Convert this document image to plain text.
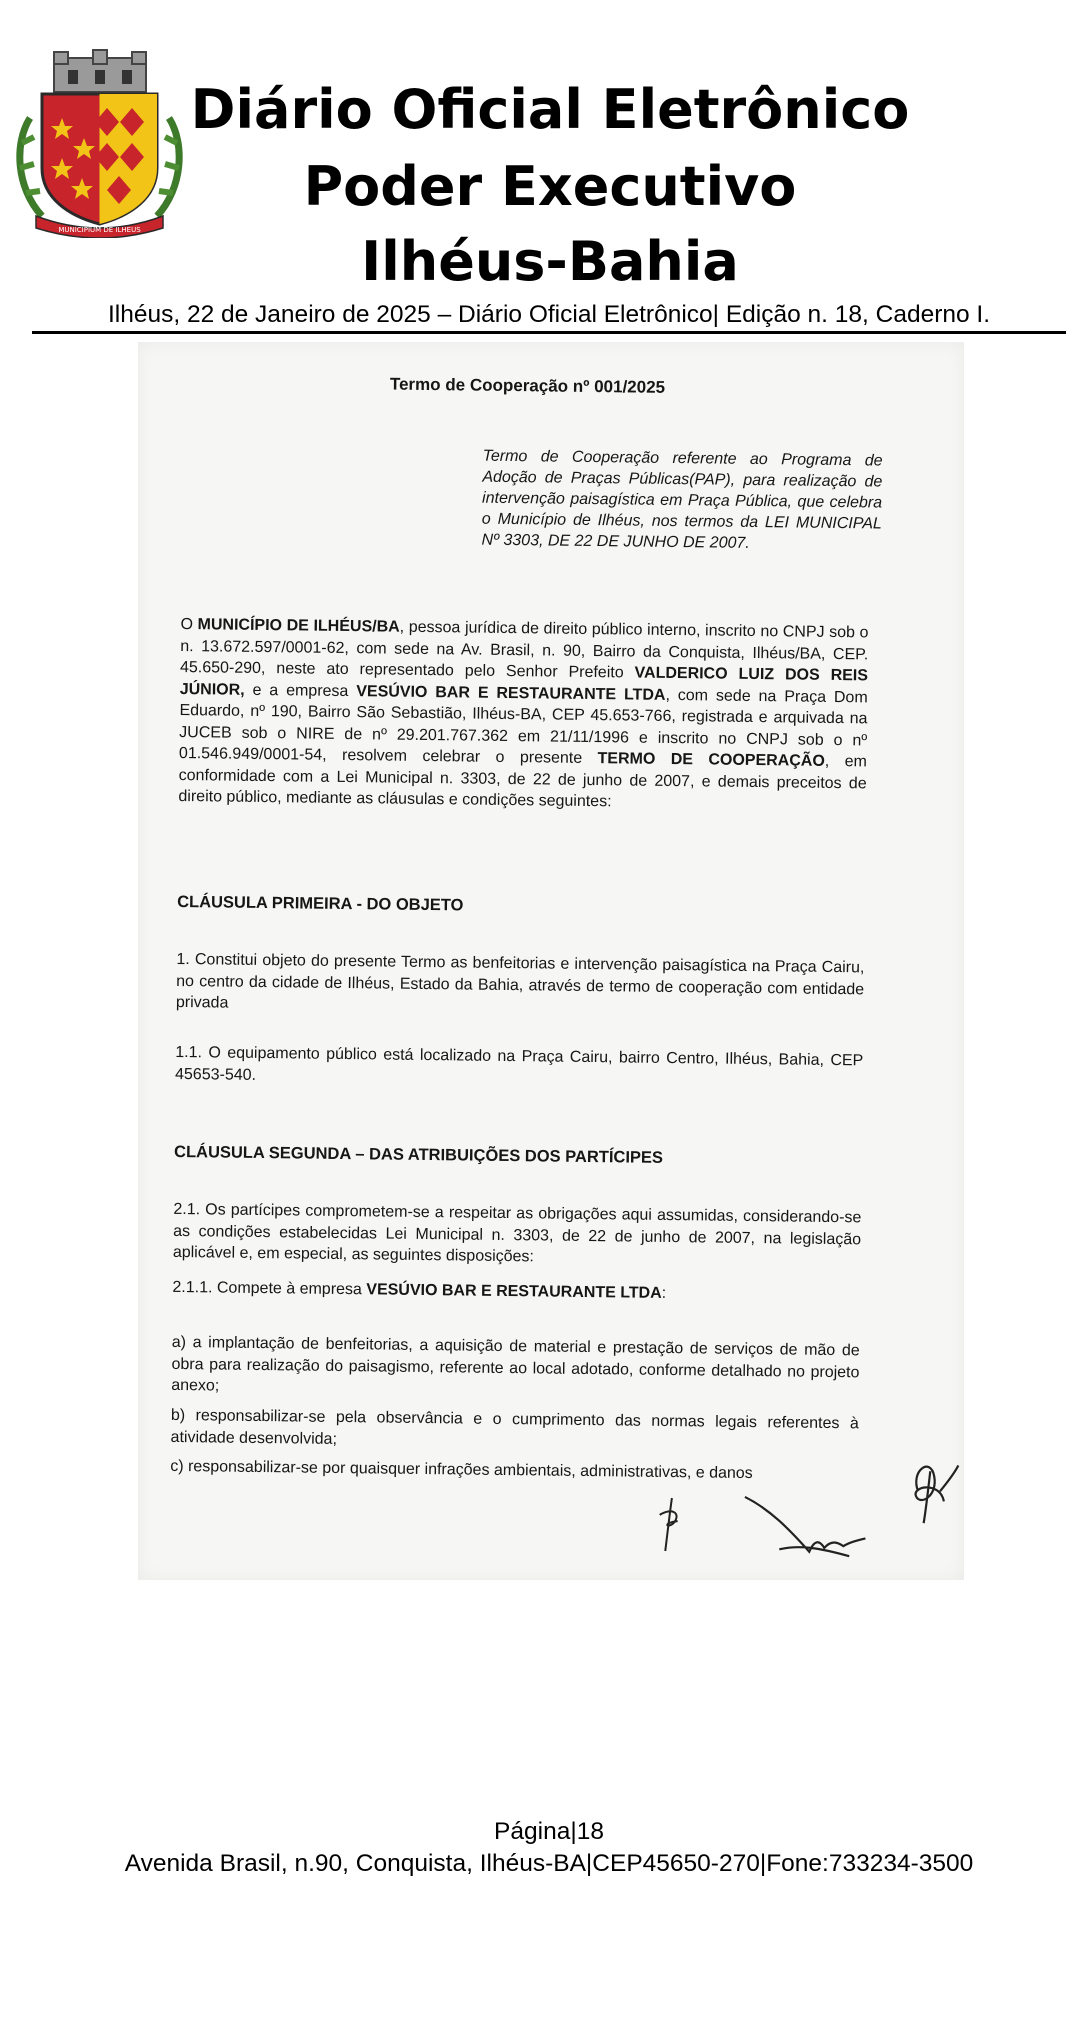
MUNICIPIUM DE ILHEUS
Diário Oficial Eletrônico
Poder Executivo
Ilhéus-Bahia
Ilhéus, 22 de Janeiro de 2025 – Diário Oficial Eletrônico| Edição n. 18, Caderno I.
Termo de Cooperação nº 001/2025
Termo de Cooperação referente ao Programa de Adoção de Praças Públicas(PAP), para realização de intervenção paisagística em Praça Pública, que celebra o Município de Ilhéus, nos termos da LEI MUNICIPAL Nº 3303, DE 22 DE JUNHO DE 2007.
O MUNICÍPIO DE ILHÉUS/BA, pessoa jurídica de direito público interno, inscrito no CNPJ sob o n. 13.672.597/0001-62, com sede na Av. Brasil, n. 90, Bairro da Conquista, Ilhéus/BA, CEP. 45.650-290, neste ato representado pelo Senhor Prefeito VALDERICO LUIZ DOS REIS JÚNIOR, e a empresa VESÚVIO BAR E RESTAURANTE LTDA, com sede na Praça Dom Eduardo, nº 190, Bairro São Sebastião, Ilhéus-BA, CEP 45.653-766, registrada e arquivada na JUCEB sob o NIRE de nº 29.201.767.362 em 21/11/1996 e inscrito no CNPJ sob o nº 01.546.949/0001-54, resolvem celebrar o presente TERMO DE COOPERAÇÃO, em conformidade com a Lei Municipal n. 3303, de 22 de junho de 2007, e demais preceitos de direito público, mediante as cláusulas e condições seguintes:
CLÁUSULA PRIMEIRA - DO OBJETO
1. Constitui objeto do presente Termo as benfeitorias e intervenção paisagística na Praça Cairu, no centro da cidade de Ilhéus, Estado da Bahia, através de termo de cooperação com entidade privada
1.1. O equipamento público está localizado na Praça Cairu, bairro Centro, Ilhéus, Bahia, CEP 45653-540.
CLÁUSULA SEGUNDA – DAS ATRIBUIÇÕES DOS PARTÍCIPES
2.1. Os partícipes comprometem-se a respeitar as obrigações aqui assumidas, considerando-se as condições estabelecidas Lei Municipal n. 3303, de 22 de junho de 2007, na legislação aplicável e, em especial, as seguintes disposições:
2.1.1. Compete à empresa VESÚVIO BAR E RESTAURANTE LTDA:
a) a implantação de benfeitorias, a aquisição de material e prestação de serviços de mão de obra para realização do paisagismo, referente ao local adotado, conforme detalhado no projeto anexo;
b) responsabilizar-se pela observância e o cumprimento das normas legais referentes à atividade desenvolvida;
c) responsabilizar-se por quaisquer infrações ambientais, administrativas, e danos
Página|18
Avenida Brasil, n.90, Conquista, Ilhéus-BA|CEP45650-270|Fone:733234-3500
